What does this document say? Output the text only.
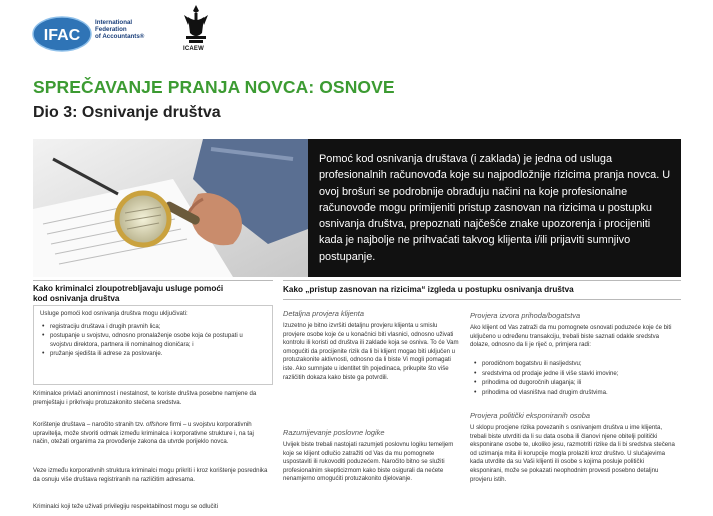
IFAC
International
Federation
of Accountants®
ICAEW
SPREČAVANJE PRANJA NOVCA: OSNOVE
Dio 3: Osnivanje društva

Pomoć kod osnivanja društava (i zaklada) je jedna od usluga profesionalnih računovođa koje su najpodložnije rizicima pranja novca. U ovoj brošuri se podrobnije obrađuju načini na koje profesionalne računovođe mogu primijeniti pristup zasnovan na rizicima u postupku osnivanja društva, prepoznati najčešće znake upozorenja i procijeniti kada je najbolje ne prihvaćati takvog klijenta i/ili prijaviti sumnjivo postupanje.

Kako kriminalci zloupotrebljavaju usluge pomoći
kod osnivanja društva

Usluge pomoći kod osnivanja društva mogu uključivati:

• registraciju društava i drugih pravnih lica;
• postupanje u svojstvu, odnosno pronalaženje osobe koja će postupati u svojstvu direktora, partnera ili nominalnog dioničara; i
• pružanje sjedišta ili adrese za poslovanje.

Kriminalce privlači anonimnost i nestalnost, te koriste društva posebne namjene da premještaju i prikrivaju protuzakonito stečena sredstva.

Korištenje društava – naročito stranih tzv. offshore firmi – u svojstvu korporativnih upravitelja, može stvoriti odmak između kriminalca i korporativne strukture i, na taj način, otežati organima za provođenje zakona da utvrde porijeklo novca.

Veze između korporativnih struktura kriminalci mogu prikriti i kroz korištenje posrednika da osnuju više društava registriranih na različitim adresama.

Kriminalci koji teže uživati privilegiju respektabilnost mogu se odlučiti

Kako „pristup zasnovan na rizicima“ izgleda u postupku osnivanja društva
Detaljna provjera klijenta

Izuzetno je bitno izvršiti detaljnu provjeru klijenta u smislu provjere osobe koje će u konačnici biti vlasnici, odnosno uživati kontrolu ili koristi od društva ili zaklade koja se osniva. To će Vam omogućiti da procijenite rizik da li bi klijent mogao biti uključen u protuzakonite aktivnosti, odnosno da li biste Vi mogli pomagati iste. Ako sumnjate u identitet tih pojedinaca, prikupite što više različitih dokaza kako biste ga potvrdili.

Razumijevanje poslovne logike

Uvijek biste trebali nastojati razumjeti poslovnu logiku temeljem koje se klijent odlučio zatražiti od Vas da mu pomognete uspostaviti ili rukovoditi poduzećem. Naročito bitno se služiti profesionalnim skepticizmom kako biste osigurali da nećete nenamjerno omogućiti protuzakonito djelovanje.

Provjera izvora prihoda/bogatstva

Ako klijent od Vas zatraži da mu pomognete osnovati poduzeće koje će biti uključeno u određenu transakciju, trebali biste saznati odakle sredstva dolaze, odnosno da li je riječ o, primjera radi:

• porodičnom bogatstvu ili nasljedstvu;
• sredstvima od prodaje jedne ili više stavki imovine;
• prihodima od dugoročnih ulaganja; ili
• prihodima od vlasništva nad drugim društvima.
Provjera politički eksponiranih osoba

U sklopu procjene rizika povezanih s osnivanjem društva u ime klijenta, trebali biste utvrditi da li su data osoba ili članovi njene obitelji politički eksponirane osobe te, ukoliko jesu, razmotriti rizike da li bi sredstva stečena od uzimanja mita ili korupcije mogla prolaziti kroz društvo. U slučajevima kada utvrdite da su Vaši klijenti ili osobe s kojima posluje politički eksponirani, može se pokazati neophodnim provesti posebno detaljnu provjeru istih.
